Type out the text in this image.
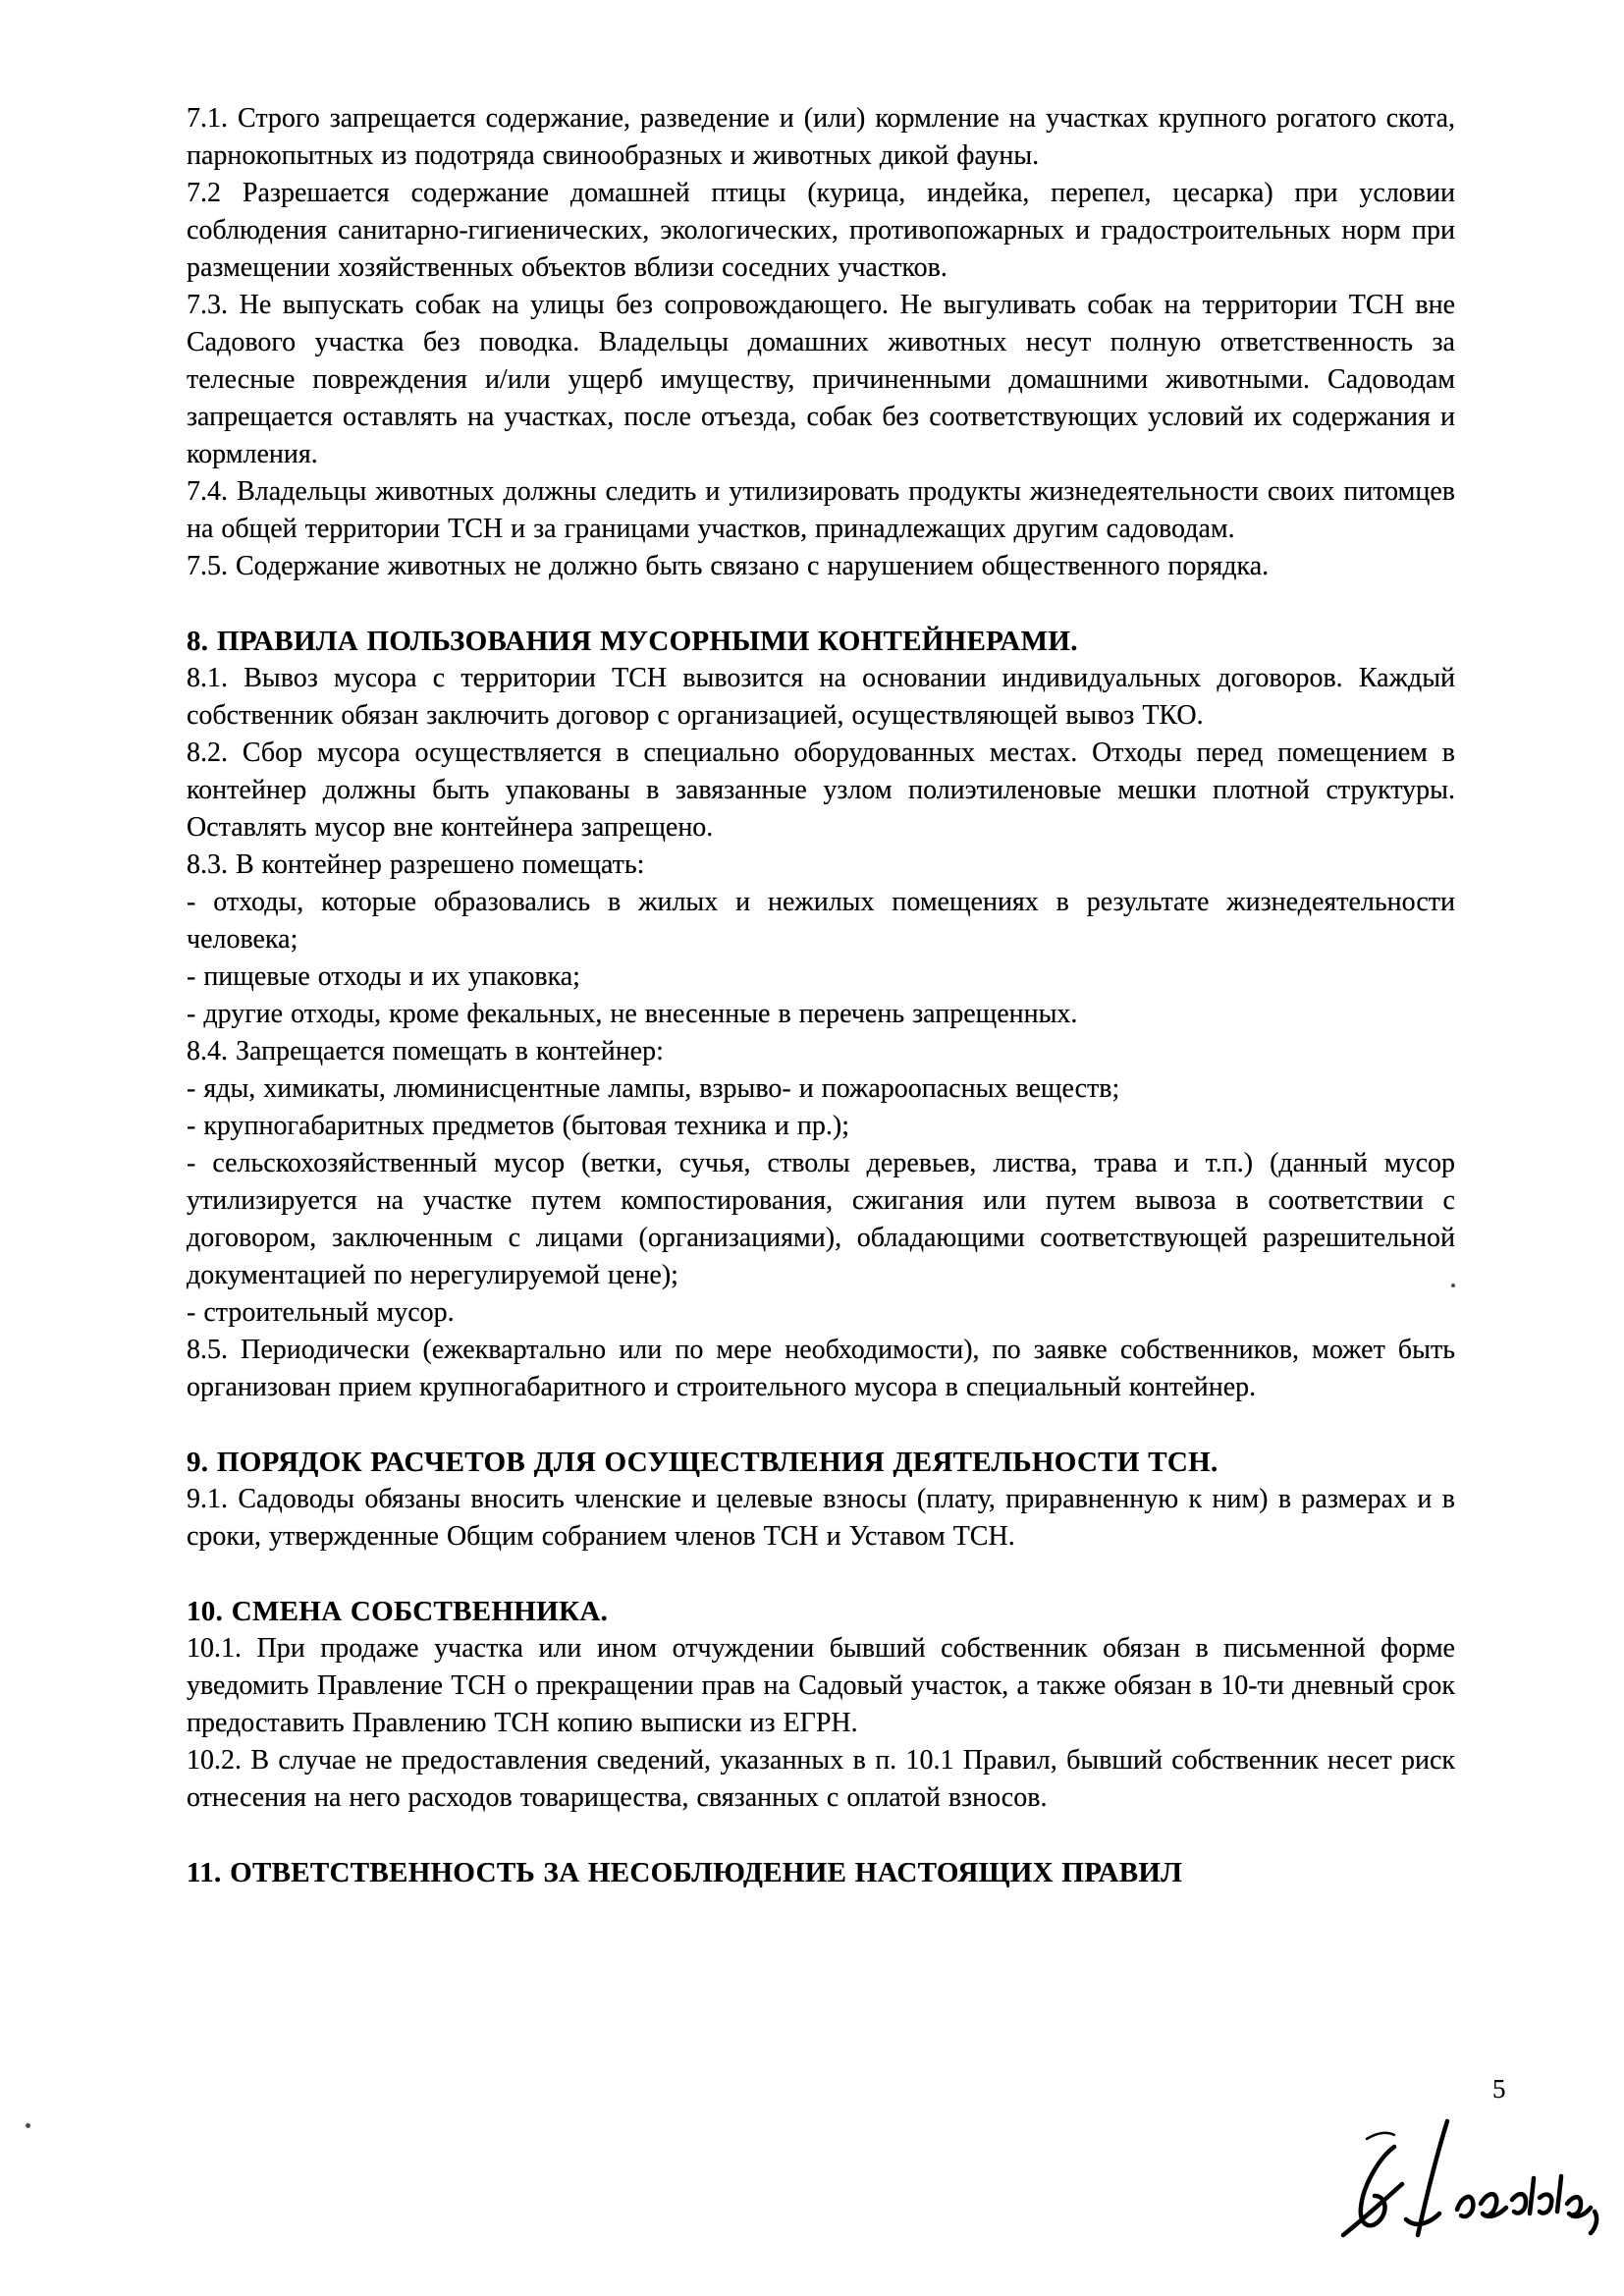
7.1. Строго запрещается содержание, разведение и (или) кормление на участках крупного рогатого скота, парнокопытных из подотряда свинообразных и животных дикой фауны.

7.2 Разрешается содержание домашней птицы (курица, индейка, перепел, цесарка) при условии соблюдения санитарно-гигиенических, экологических, противопожарных и градостроительных норм при размещении хозяйственных объектов вблизи соседних участков.

7.3. Не выпускать собак на улицы без сопровождающего. Не выгуливать собак на территории ТСН вне Садового участка без поводка. Владельцы домашних животных несут полную ответственность за телесные повреждения и/или ущерб имуществу, причиненными домашними животными. Садоводам запрещается оставлять на участках, после отъезда, собак без соответствующих условий их содержания и кормления.

7.4. Владельцы животных должны следить и утилизировать продукты жизнедеятельности своих питомцев на общей территории ТСН и за границами участков, принадлежащих другим садоводам.

7.5. Содержание животных не должно быть связано с нарушением общественного порядка.

8. ПРАВИЛА ПОЛЬЗОВАНИЯ МУСОРНЫМИ КОНТЕЙНЕРАМИ.

8.1. Вывоз мусора с территории ТСН вывозится на основании индивидуальных договоров. Каждый собственник обязан заключить договор с организацией, осуществляющей вывоз ТКО.

8.2. Сбор мусора осуществляется в специально оборудованных местах. Отходы перед помещением в контейнер должны быть упакованы в завязанные узлом полиэтиленовые мешки плотной структуры. Оставлять мусор вне контейнера запрещено.

8.3. В контейнер разрешено помещать:

- отходы, которые образовались в жилых и нежилых помещениях в результате жизнедеятельности человека;

- пищевые отходы и их упаковка;

- другие отходы, кроме фекальных, не внесенные в перечень запрещенных.

8.4. Запрещается помещать в контейнер:

- яды, химикаты, люминисцентные лампы, взрыво- и пожароопасных веществ;

- крупногабаритных предметов (бытовая техника и пр.);

- сельскохозяйственный мусор (ветки, сучья, стволы деревьев, листва, трава и т.п.) (данный мусор утилизируется на участке путем компостирования, сжигания или путем вывоза в соответствии с договором, заключенным с лицами (организациями), обладающими соответствующей разрешительной документацией по нерегулируемой цене);

- строительный мусор.

8.5. Периодически (ежеквартально или по мере необходимости), по заявке собственников, может быть организован прием крупногабаритного и строительного мусора в специальный контейнер.

9. ПОРЯДОК РАСЧЕТОВ ДЛЯ ОСУЩЕСТВЛЕНИЯ ДЕЯТЕЛЬНОСТИ ТСН.

9.1. Садоводы обязаны вносить членские и целевые взносы (плату, приравненную к ним) в размерах и в сроки, утвержденные Общим собранием членов ТСН и Уставом ТСН.

10. СМЕНА СОБСТВЕННИКА.

10.1. При продаже участка или ином отчуждении бывший собственник обязан в письменной форме уведомить Правление ТСН о прекращении прав на Садовый участок, а также обязан в 10-ти дневный срок предоставить Правлению ТСН копию выписки из ЕГРН.

10.2. В случае не предоставления сведений, указанных в п. 10.1 Правил, бывший собственник несет риск отнесения на него расходов товарищества, связанных с оплатой взносов.

11. ОТВЕТСТВЕННОСТЬ ЗА НЕСОБЛЮДЕНИЕ НАСТОЯЩИХ ПРАВИЛ

5
